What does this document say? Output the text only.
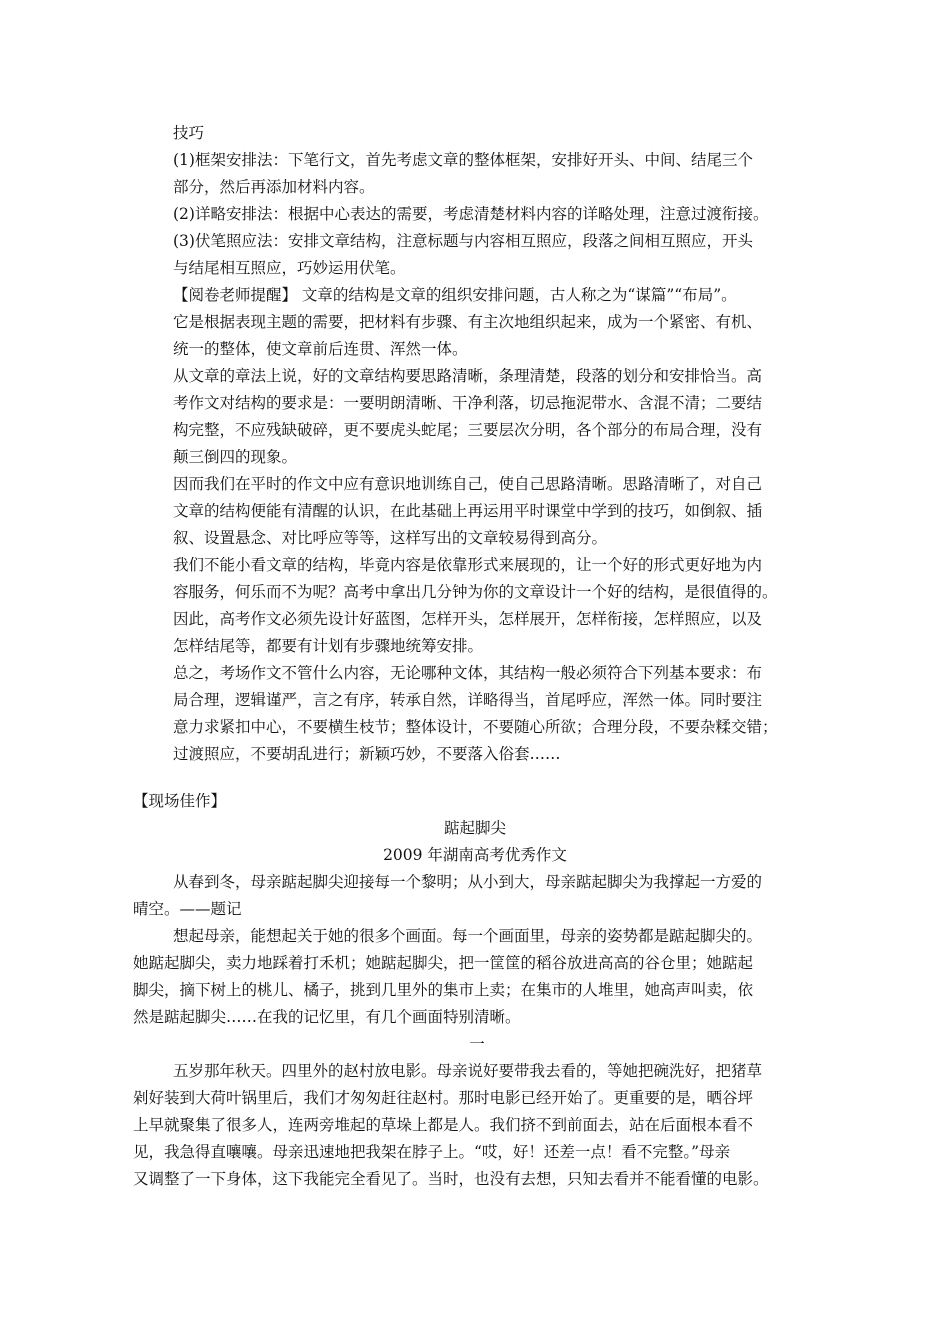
技巧

(1)框架安排法：下笔行文，首先考虑文章的整体框架，安排好开头、中间、结尾三个

部分，然后再添加材料内容。

(2)详略安排法：根据中心表达的需要，考虑清楚材料内容的详略处理，注意过渡衔接。

(3)伏笔照应法：安排文章结构，注意标题与内容相互照应，段落之间相互照应，开头

与结尾相互照应，巧妙运用伏笔。

【阅卷老师提醒】 文章的结构是文章的组织安排问题，古人称之为“谋篇”“布局”。

它是根据表现主题的需要，把材料有步骤、有主次地组织起来，成为一个紧密、有机、

统一的整体，使文章前后连贯、浑然一体。

从文章的章法上说，好的文章结构要思路清晰，条理清楚，段落的划分和安排恰当。高

考作文对结构的要求是：一要明朗清晰、干净利落，切忌拖泥带水、含混不清；二要结

构完整，不应残缺破碎，更不要虎头蛇尾；三要层次分明，各个部分的布局合理，没有

颠三倒四的现象。

因而我们在平时的作文中应有意识地训练自己，使自己思路清晰。思路清晰了，对自己

文章的结构便能有清醒的认识，在此基础上再运用平时课堂中学到的技巧，如倒叙、插

叙、设置悬念、对比呼应等等，这样写出的文章较易得到高分。

我们不能小看文章的结构，毕竟内容是依靠形式来展现的，让一个好的形式更好地为内

容服务，何乐而不为呢？高考中拿出几分钟为你的文章设计一个好的结构，是很值得的。

因此，高考作文必须先设计好蓝图，怎样开头，怎样展开，怎样衔接，怎样照应，以及

怎样结尾等，都要有计划有步骤地统筹安排。

总之，考场作文不管什么内容，无论哪种文体，其结构一般必须符合下列基本要求：布

局合理，逻辑谨严，言之有序，转承自然，详略得当，首尾呼应，浑然一体。同时要注

意力求紧扣中心，不要横生枝节；整体设计，不要随心所欲；合理分段，不要杂糅交错；

过渡照应，不要胡乱进行；新颖巧妙，不要落入俗套……

【现场佳作】
踮起脚尖
2009 年湖南高考优秀作文

从春到冬，母亲踮起脚尖迎接每一个黎明；从小到大，母亲踮起脚尖为我撑起一方爱的

晴空。——题记

想起母亲，能想起关于她的很多个画面。每一个画面里，母亲的姿势都是踮起脚尖的。

她踮起脚尖，卖力地踩着打禾机；她踮起脚尖，把一筐筐的稻谷放进高高的谷仓里；她踮起

脚尖，摘下树上的桃儿、橘子，挑到几里外的集市上卖；在集市的人堆里，她高声叫卖，依

然是踮起脚尖……在我的记忆里，有几个画面特别清晰。

一

五岁那年秋天。四里外的赵村放电影。母亲说好要带我去看的，等她把碗洗好，把猪草

剁好装到大荷叶锅里后，我们才匆匆赶往赵村。那时电影已经开始了。更重要的是，晒谷坪

上早就聚集了很多人，连两旁堆起的草垛上都是人。我们挤不到前面去，站在后面根本看不

见，我急得直嚷嚷。母亲迅速地把我架在脖子上。“哎，好！还差一点！看不完整。”母亲

又调整了一下身体，这下我能完全看见了。当时，也没有去想，只知去看并不能看懂的电影。
